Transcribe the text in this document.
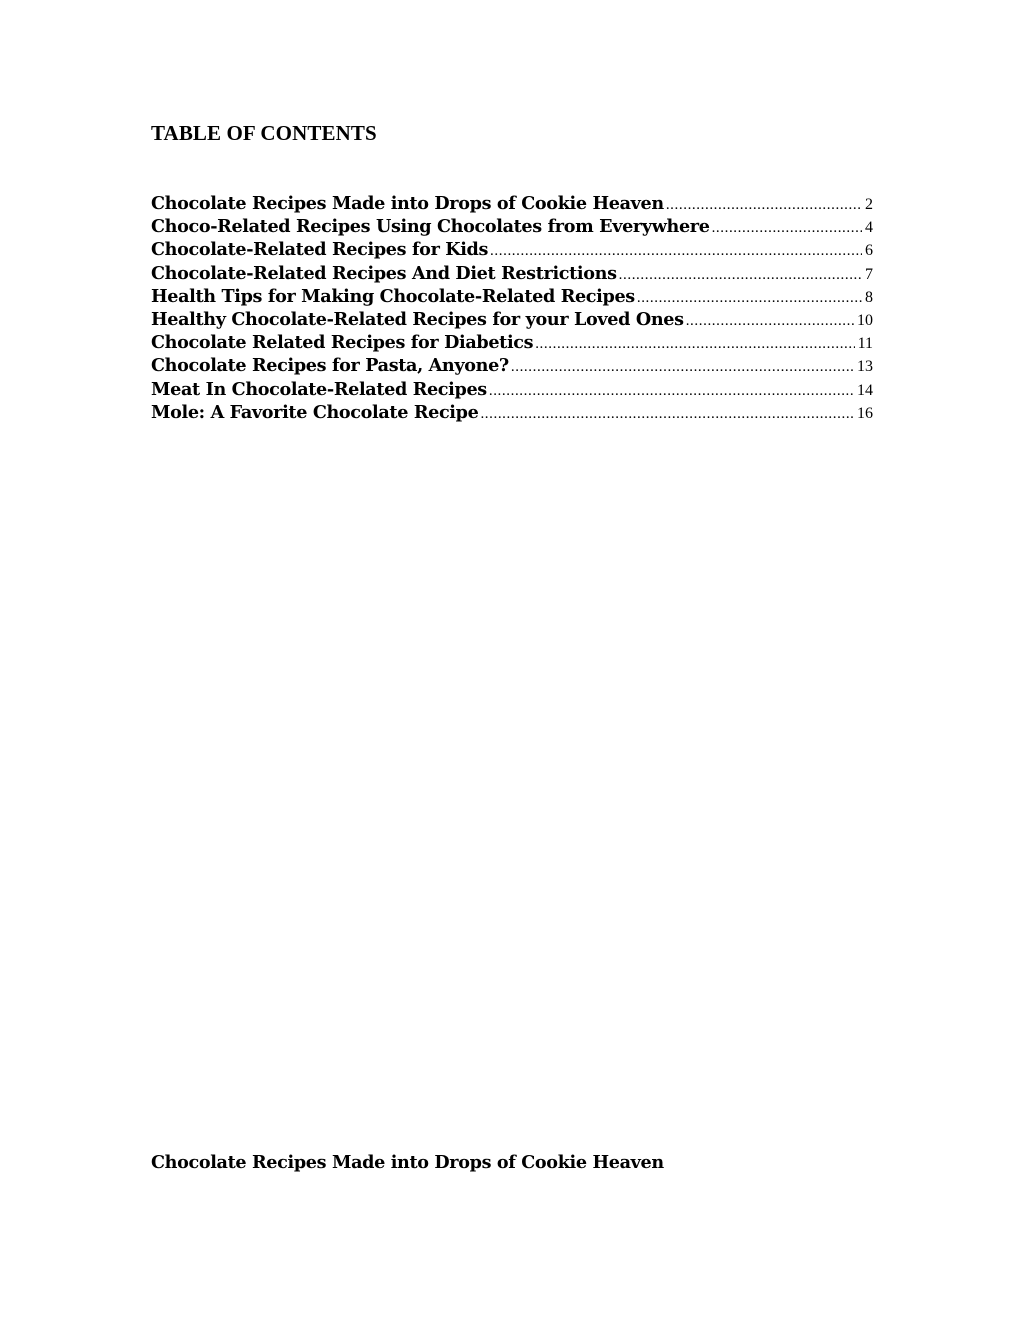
TABLE OF CONTENTS
Chocolate Recipes Made into Drops of Cookie Heaven .....	2
Choco-Related Recipes Using Chocolates from Everywhere .....	4
Chocolate-Related Recipes for Kids .....	6
Chocolate-Related Recipes And Diet Restrictions .....	7
Health Tips for Making Chocolate-Related Recipes .....	8
Healthy Chocolate-Related Recipes for your Loved Ones .....	10
Chocolate Related Recipes for Diabetics .....	11
Chocolate Recipes for Pasta, Anyone? .....	13
Meat In Chocolate-Related Recipes .....	14
Mole: A Favorite Chocolate Recipe .....	16
Chocolate Recipes Made into Drops of Cookie Heaven
